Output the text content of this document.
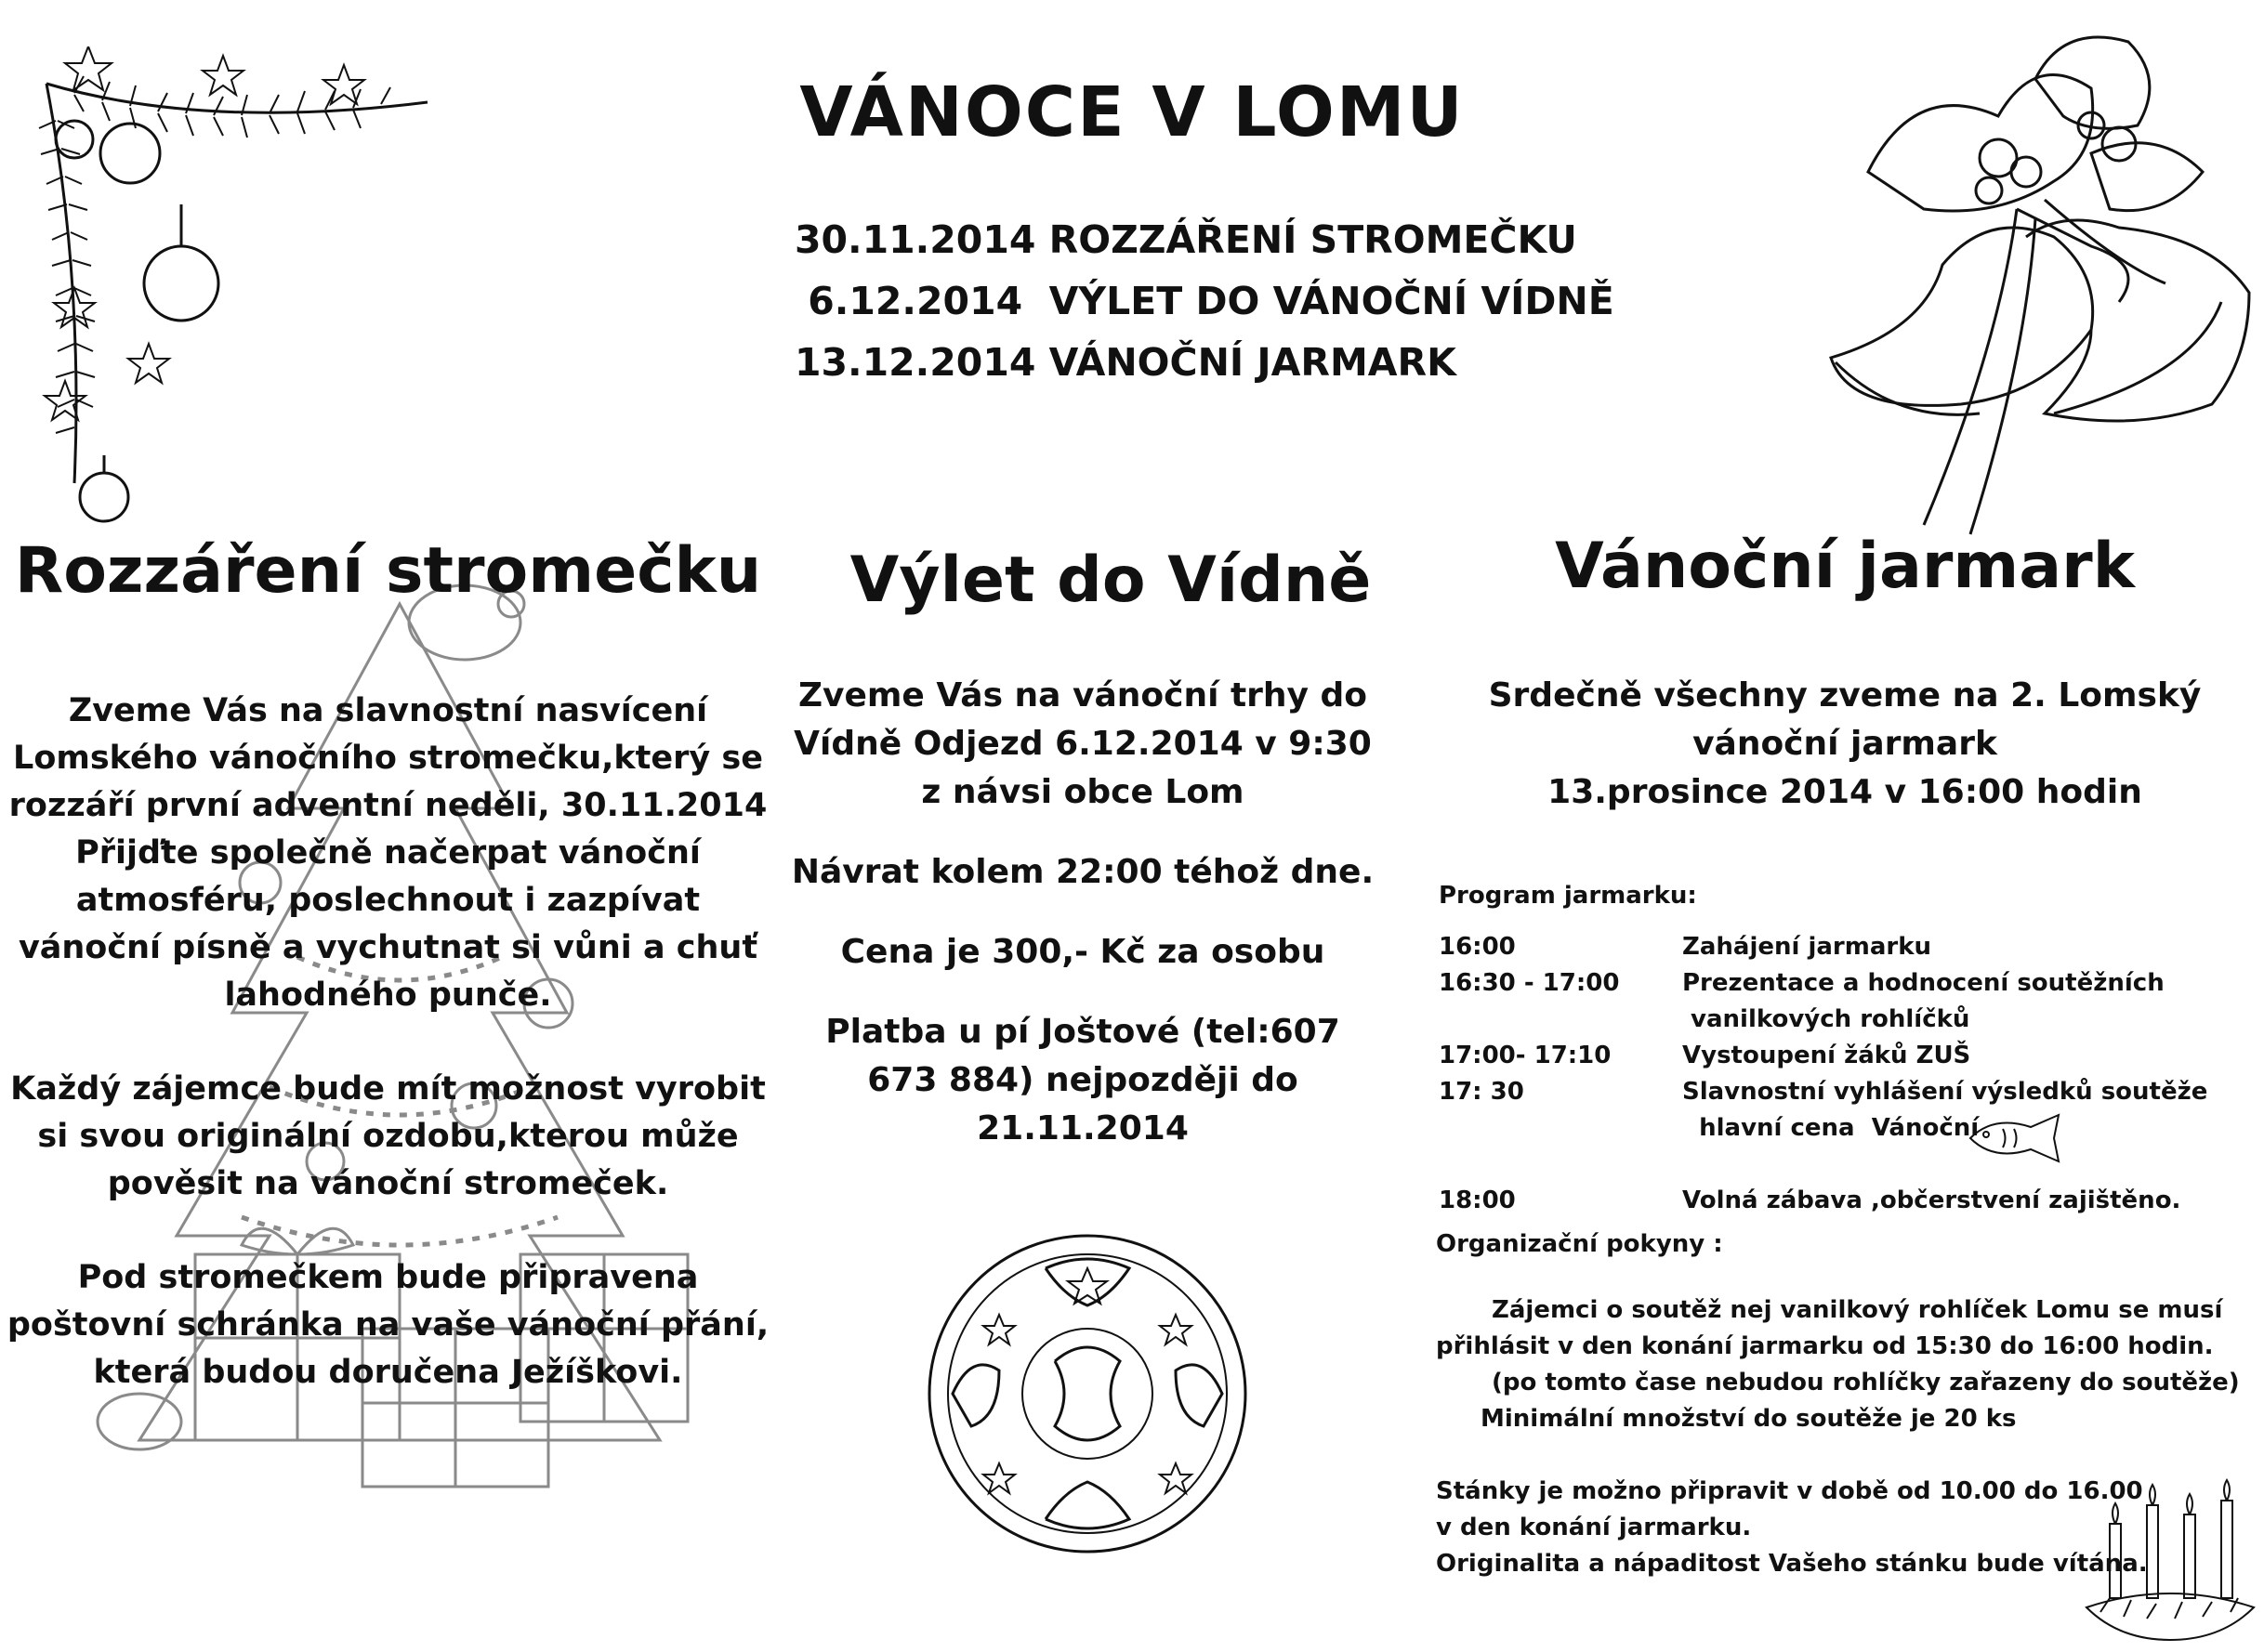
VÁNOCE V LOMU
30.11.2014 ROZZÁŘENÍ STROMEČKU
6.12.2014  VÝLET DO VÁNOČNÍ VÍDNĚ
13.12.2014 VÁNOČNÍ JARMARK
Rozzáření stromečku

Zveme Vás na slavnostní nasvícení Lomského vánočního stromečku,který se rozzáří první adventní neděli, 30.11.2014

Přijďte společně načerpat vánoční atmosféru, poslechnout i zazpívat vánoční písně a vychutnat si vůni a chuť lahodného punče.

Každý zájemce bude mít možnost vyrobit si svou originální ozdobu,kterou může pověsit na vánoční stromeček.

Pod stromečkem bude připravena poštovní schránka na vaše vánoční přání, která budou doručena Ježíškovi.

Výlet do Vídně

Zveme Vás na vánoční trhy do Vídně Odjezd 6.12.2014 v 9:30 z návsi obce Lom

Návrat kolem 22:00 téhož dne.

Cena je 300,- Kč za osobu

Platba u pí Joštové (tel:607 673 884) nejpozději do 21.11.2014

Vánoční jarmark
Srdečně všechny zveme na 2. Lomský
vánoční jarmark
13.prosince 2014 v 16:00 hodin
Program jarmarku:
16:00	Zahájení jarmarku
16:30 - 17:00	Prezentace a hodnocení soutěžních
vanilkových rohlíčků
17:00- 17:10	Vystoupení žáků ZUŠ
17: 30	Slavnostní vyhlášení výsledků soutěže
hlavní cena  Vánoční
18:00	Volná zábava ,občerstvení zajištěno.
Organizační pokyny :

Zájemci o soutěž nej vanilkový rohlíček Lomu se musí

přihlásit v den konání jarmarku od 15:30 do 16:00 hodin.

(po tomto čase nebudou rohlíčky zařazeny do soutěže)

Minimální množství do soutěže je 20 ks

Stánky je možno připravit v době od 10.00 do 16.00

v den konání jarmarku.

Originalita a nápaditost Vašeho stánku bude vítána.
